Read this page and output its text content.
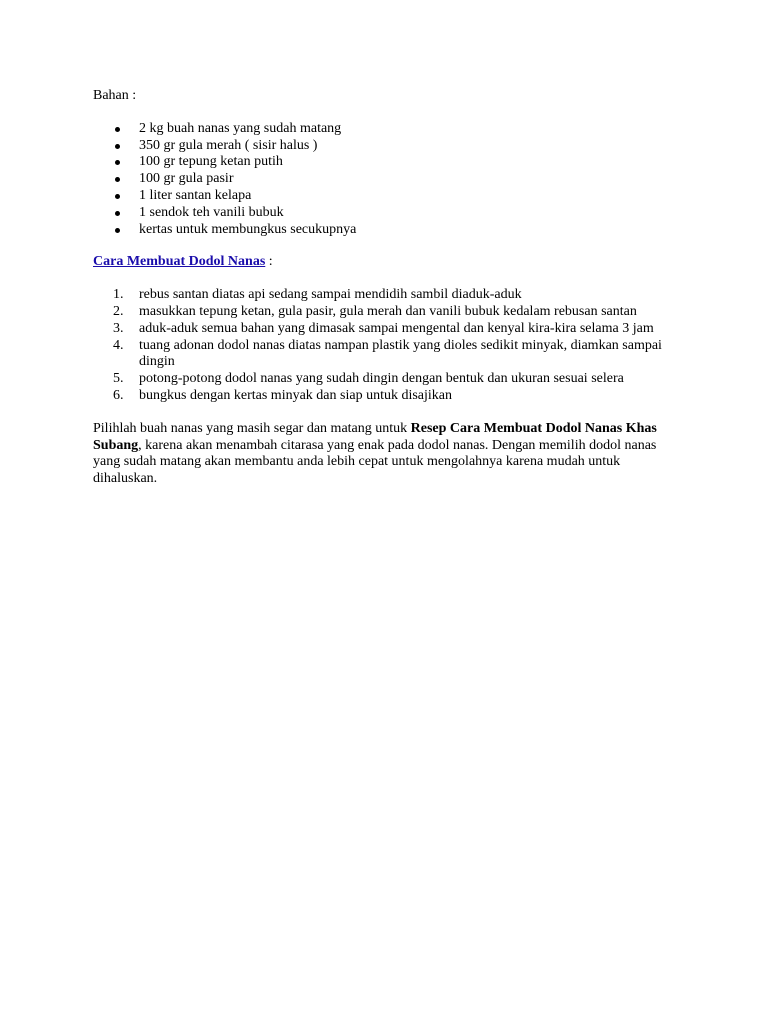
Bahan :

2 kg buah nanas yang sudah matang
350 gr gula merah ( sisir halus )
100 gr tepung ketan putih
100 gr gula pasir
1 liter santan kelapa
1 sendok teh vanili bubuk
kertas untuk membungkus secukupnya

Cara Membuat Dodol Nanas :

1. rebus santan diatas api sedang sampai mendidih sambil diaduk-aduk
2. masukkan tepung ketan, gula pasir, gula merah dan vanili bubuk kedalam rebusan santan
3. aduk-aduk semua bahan yang dimasak sampai mengental dan kenyal kira-kira selama 3 jam
4. tuang adonan dodol nanas diatas nampan plastik yang dioles sedikit minyak, diamkan sampai dingin
5. potong-potong dodol nanas yang sudah dingin dengan bentuk dan ukuran sesuai selera
6. bungkus dengan kertas minyak dan siap untuk disajikan

Pilihlah buah nanas yang masih segar dan matang untuk Resep Cara Membuat Dodol Nanas Khas Subang, karena akan menambah citarasa yang enak pada dodol nanas. Dengan memilih dodol nanas yang sudah matang akan membantu anda lebih cepat untuk mengolahnya karena mudah untuk dihaluskan.
